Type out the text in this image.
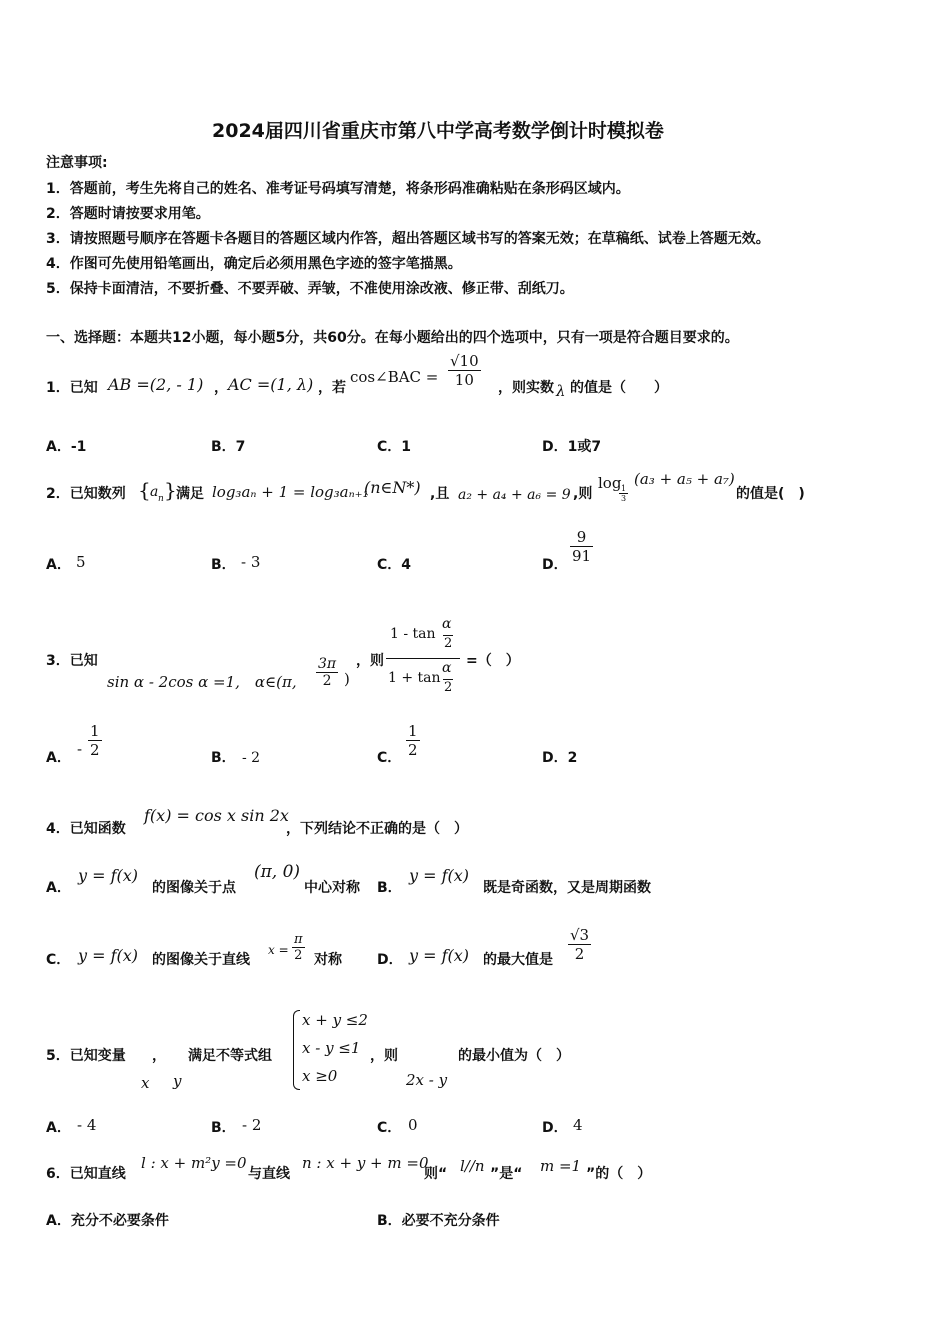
2024届四川省重庆市第八中学高考数学倒计时模拟卷
注意事项:
1．答题前，考生先将自己的姓名、准考证号码填写清楚，将条形码准确粘贴在条形码区域内。
2．答题时请按要求用笔。
3．请按照题号顺序在答题卡各题目的答题区域内作答，超出答题区域书写的答案无效；在草稿纸、试卷上答题无效。
4．作图可先使用铅笔画出，确定后必须用黑色字迹的签字笔描黑。
5．保持卡面清洁，不要折叠、不要弄破、弄皱，不准使用涂改液、修正带、刮纸刀。
一、选择题：本题共12小题，每小题5分，共60分。在每小题给出的四个选项中，只有一项是符合题目要求的。
1．已知 AB =(2, - 1) ， AC =(1, λ) ，若
cos∠BAC = $\frac{√10}{10}$ ，则实数 λ 的值是（　　）
A．-1	B．7	C．1	D．1或7
2．已知数列 { a n } 满足 log₃aₙ + 1 = log₃aₙ₊₁
(n∈N*) ,且 a₂ + a₄ + a₆ = 9 ,则
log
$\frac{1}{3}$
(a₃ + a₅ + a₇)
的值是(　)
A． 5	B． - 3	C．4	D． $\frac{9}{91}$
3．已知
sin α - 2cos α =1,　α∈(π, $\frac{3\pi}{2}$ )
，则
1 - tan
α
2
1 + tan
α
2
=（　）
A． - $\frac{1}{2}$	B． - 2	C． $\frac{1}{2}$	D．2
4．已知函数
f(x) = cos x sin 2x
，下列结论不正确的是（　）
A．
y = f(x)
的图像关于点
(π, 0)
中心对称 B．
y = f(x)
既是奇函数，又是周期函数
C． y = f(x) 的图像关于直线
$x = \frac{\pi}{2}$ 对称	D． y = f(x) 的最大值是 $\frac{√3}{2}$
5．已知变量 ， 满足不等式组
x y
x + y ≤2
x - y ≤1
x ≥0
，则
2x - y
的最小值为（　）
A． - 4	B． - 2	C． 0	D． 4
6．已知直线
l : x + m²y =0
与直线
n : x + y + m =0
则“ l//n ”是“ m =1 ”的（　）
A．充分不必要条件	B．必要不充分条件
